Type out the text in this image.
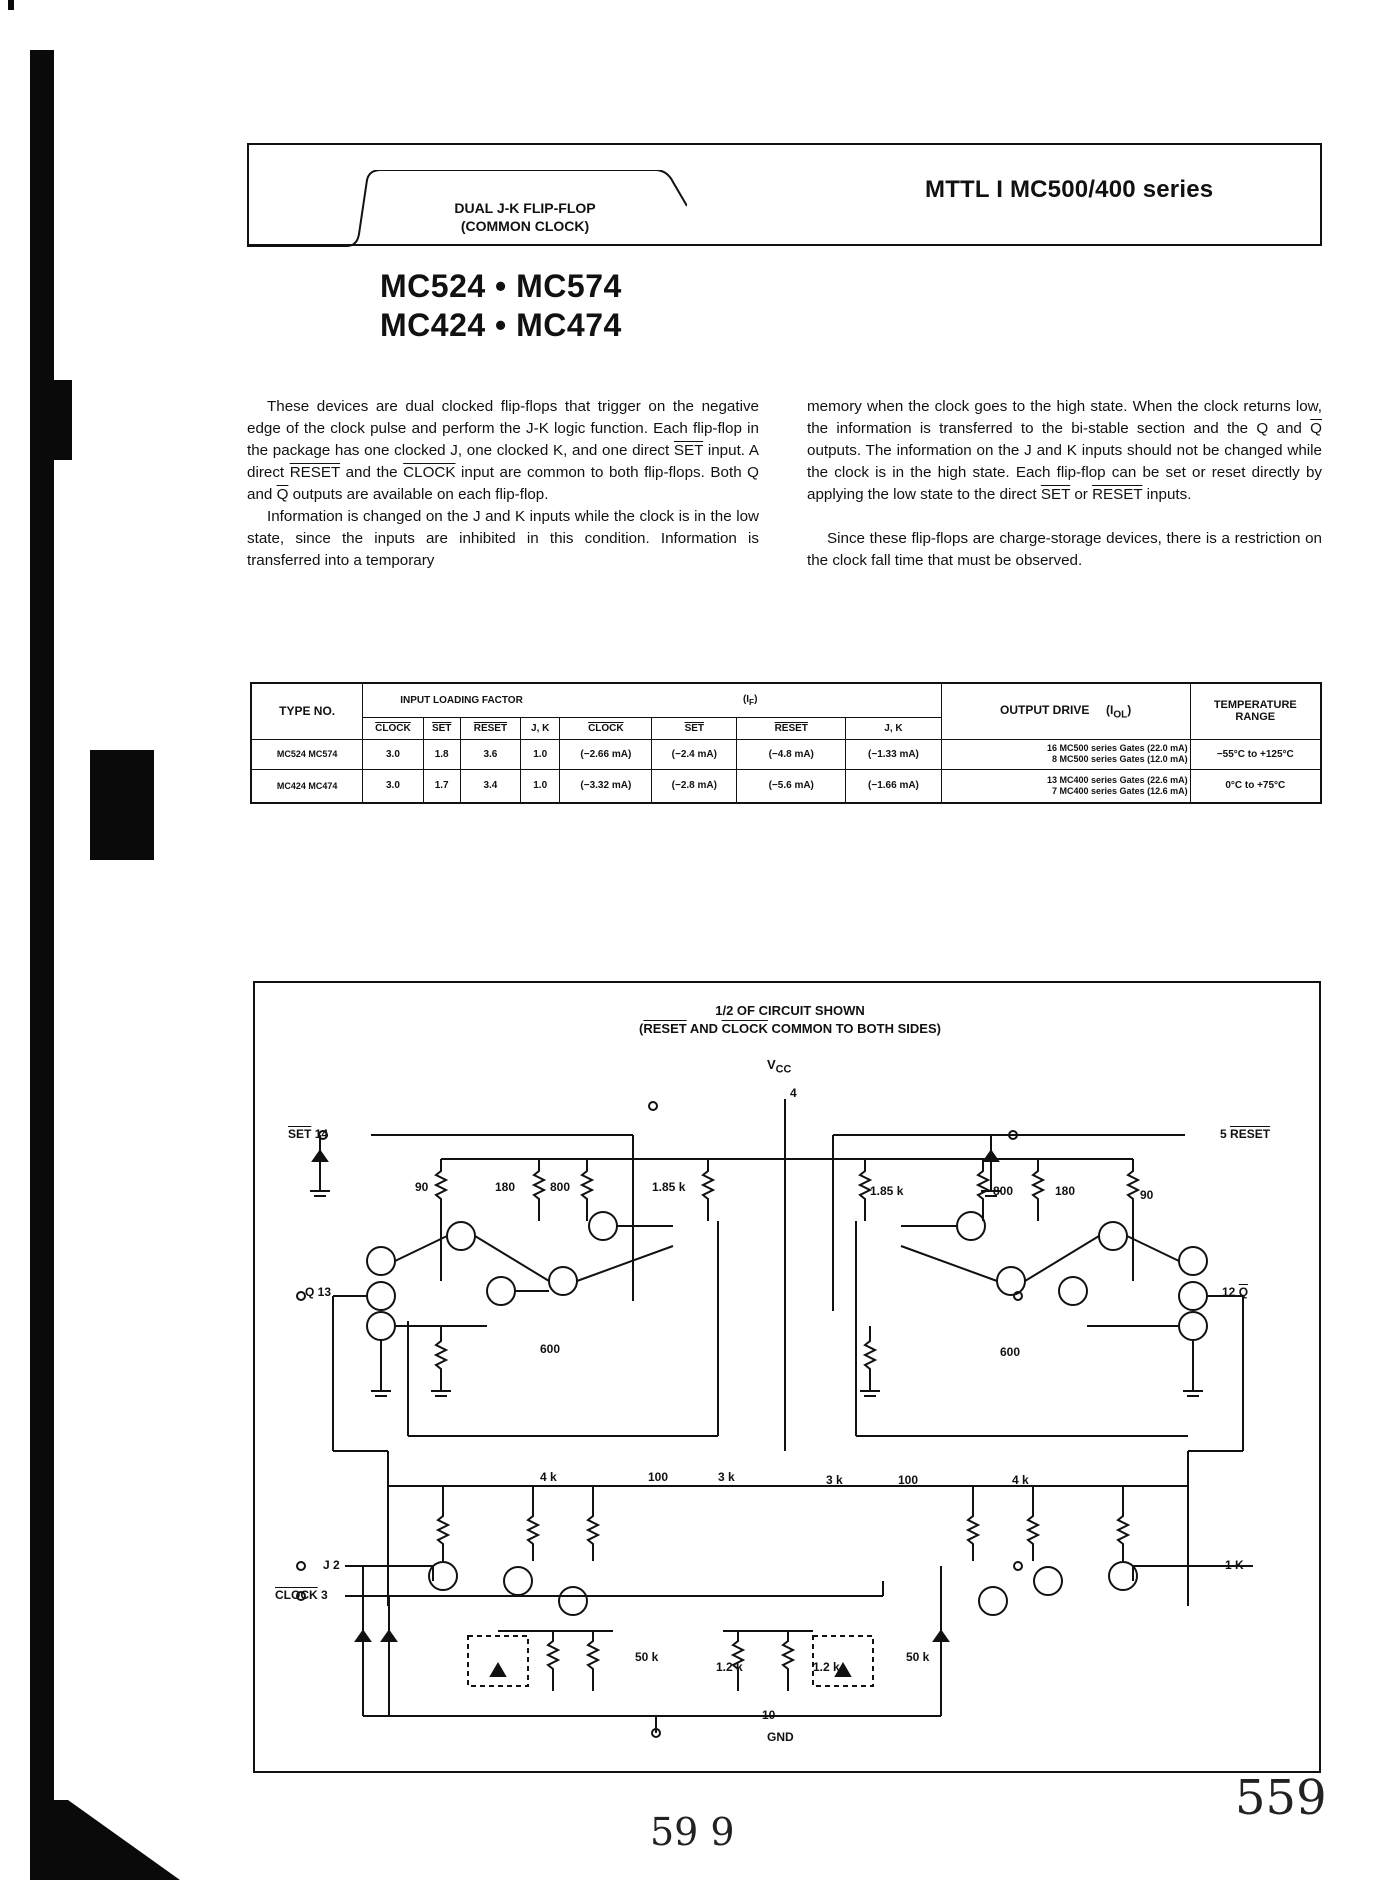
DUAL J-K FLIP-FLOP
(COMMON CLOCK)
MTTL I MC500/400 series
MC524 • MC574
MC424 • MC474

These devices are dual clocked flip-flops that trigger on the negative edge of the clock pulse and perform the J-K logic function. Each flip-flop in the package has one clocked J, one clocked K, and one direct $\overline{SET}$ input. A direct RESET and the CLOCK input are common to both flip-flops. Both Q and $\overline{Q}$ outputs are available on each flip-flop.

Information is changed on the J and K inputs while the clock is in the low state, since the inputs are inhibited in this condition. Information is transferred into a temporary

memory when the clock goes to the high state. When the clock returns low, the information is transferred to the bi-stable section and the Q and $\overline{Q}$ outputs. The information on the J and K inputs should not be changed while the clock is in the high state. Each flip-flop can be set or reset directly by applying the low state to the direct $\overline{SET}$ or RESET inputs.

Since these flip-flops are charge-storage devices, there is a restriction on the clock fall time that must be observed.

TYPE NO.	INPUT LOADING FACTOR				$(I_F)$				OUTPUT DRIVE $(I_{OL})$	TEMPERATURE RANGE
	CLOCK	$\overline{SET}$	RESET	J, K	CLOCK	$\overline{SET}$	RESET	J, K		
MC524 MC574	3.0	1.8	3.6	1.0	(−2.66 mA)	(−2.4 mA)	(−4.8 mA)	(−1.33 mA)	16 MC500 series Gates (22.0 mA)
8 MC500 series Gates (12.0 mA)	−55°C to +125°C
MC424 MC474	3.0	1.7	3.4	1.0	(−3.32 mA)	(−2.8 mA)	(−5.6 mA)	(−1.66 mA)	13 MC400 series Gates (22.6 mA)
7 MC400 series Gates (12.6 mA)	0°C to +75°C
1/2 OF CIRCUIT SHOWN
(RESET AND CLOCK COMMON TO BOTH SIDES)
$V_{CC}$
4
$\overline{SET}$ 14	5 RESET
Q 13	12 $\overline{Q}$
J 2
CLOCK 3
1 K
10
GND
90	180	800	1.85 k	1.85 k	800	180	90
600	600
4 k	100	3 k	3 k	100	4 k
50 k
1.2 k	1.2 k
50 k
59 9
559
